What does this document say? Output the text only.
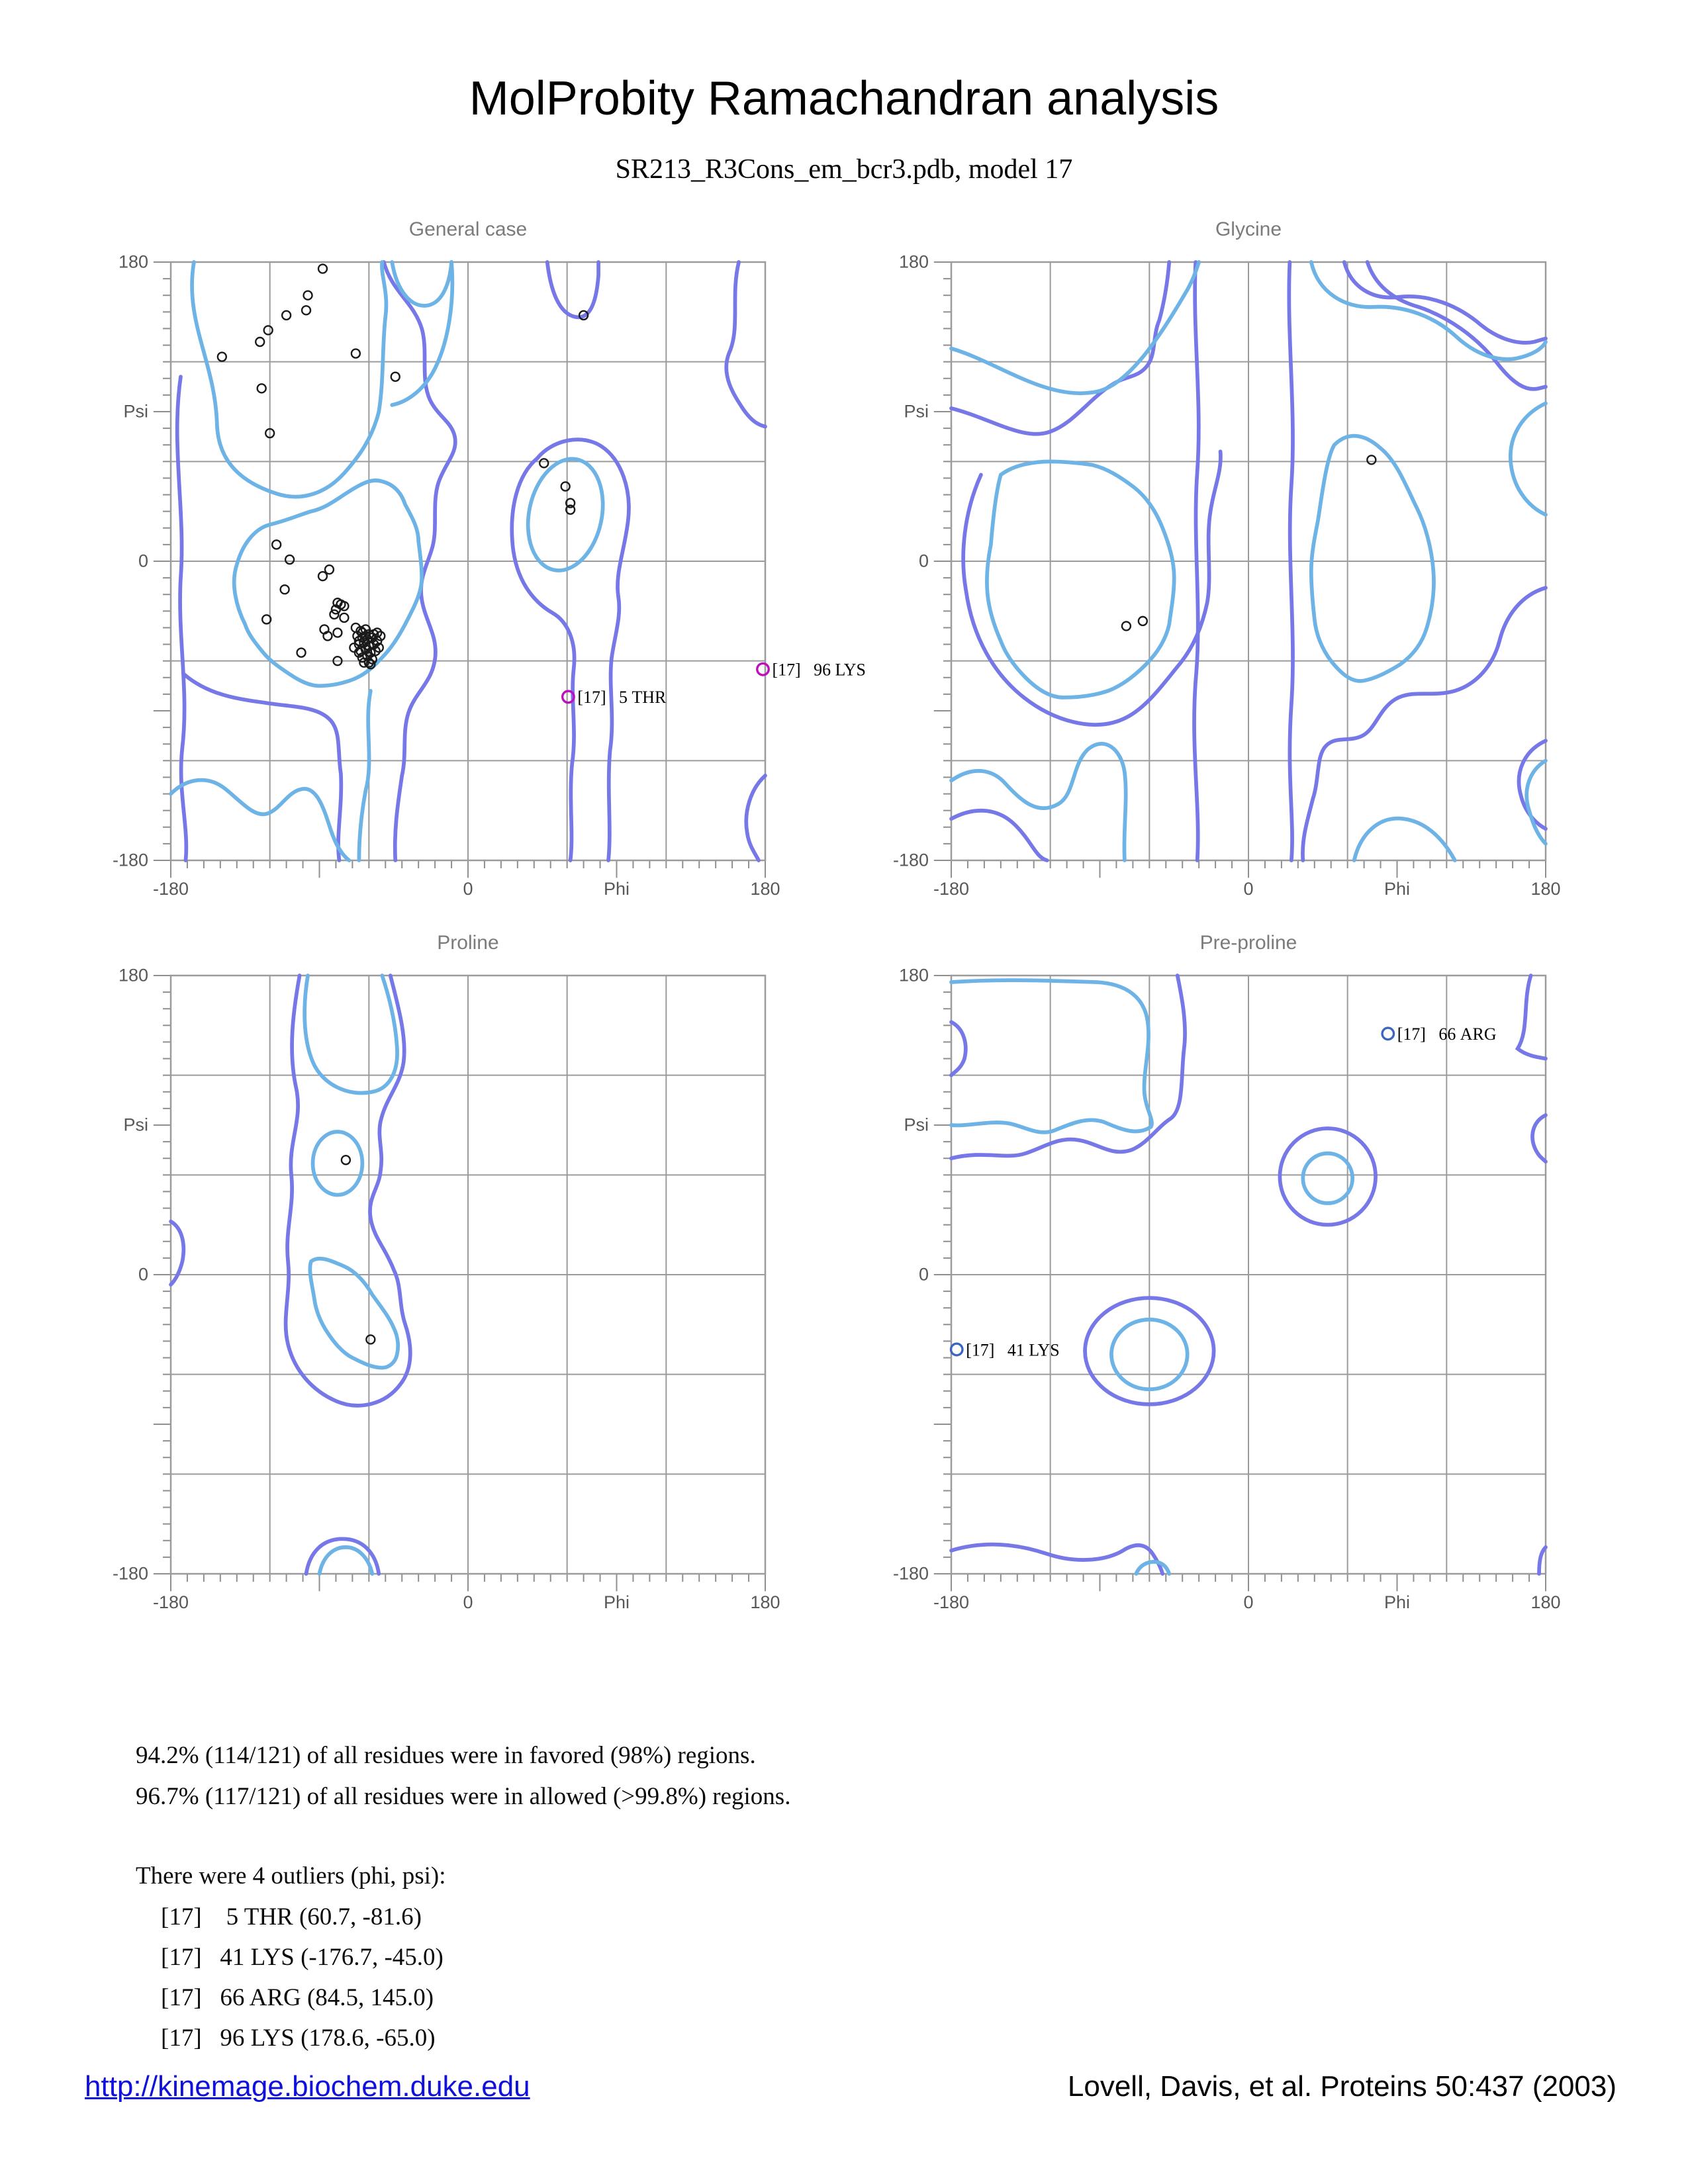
MolProbity Ramachandran analysis
SR213_R3Cons_em_bcr3.pdb, model 17
General case
[17]   5 THR
[17]   96 LYS
180
Psi
0
-180
-180	0	Phi	180
Glycine
180
Psi
0
-180
-180	0	Phi	180
Proline
180
Psi
0
-180
-180	0	Phi	180
Pre-proline
[17]   66 ARG
[17]   41 LYS
180
Psi
0
-180
-180	0	Phi	180
94.2% (114/121) of all residues were in favored (98%) regions.
96.7% (117/121) of all residues were in allowed (>99.8%) regions.
There were 4 outliers (phi, psi):
[17]    5 THR (60.7, -81.6)
[17]   41 LYS (-176.7, -45.0)
[17]   66 ARG (84.5, 145.0)
[17]   96 LYS (178.6, -65.0)
http://kinemage.biochem.duke.edu	Lovell, Davis, et al. Proteins 50:437 (2003)
